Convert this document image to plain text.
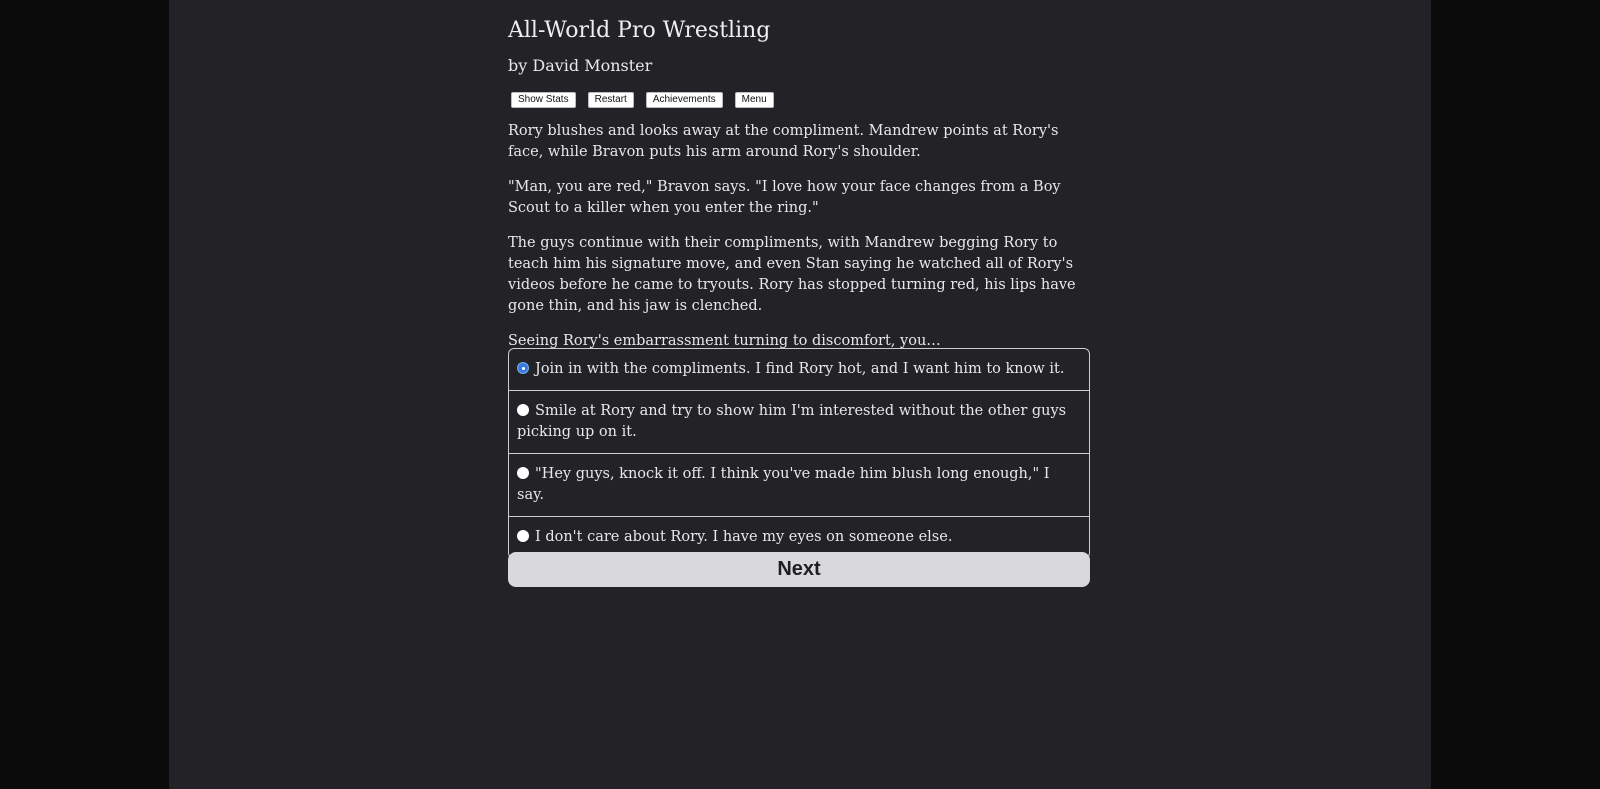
All-World Pro Wrestling
by David Monster
Show Stats	Restart	Achievements	Menu

Rory blushes and looks away at the compliment. Mandrew points at Rory's face, while Bravon puts his arm around Rory's shoulder.

"Man, you are red," Bravon says. "I love how your face changes from a Boy Scout to a killer when you enter the ring."

The guys continue with their compliments, with Mandrew begging Rory to teach him his signature move, and even Stan saying he watched all of Rory's videos before he came to tryouts. Rory has stopped turning red, his lips have gone thin, and his jaw is clenched.

Seeing Rory's embarrassment turning to discomfort, you…

Join in with the compliments. I find Rory hot, and I want him to know it.
Smile at Rory and try to show him I'm interested without the other guys picking up on it.
"Hey guys, knock it off. I think you've made him blush long enough," I say.
I don't care about Rory. I have my eyes on someone else.
Next
